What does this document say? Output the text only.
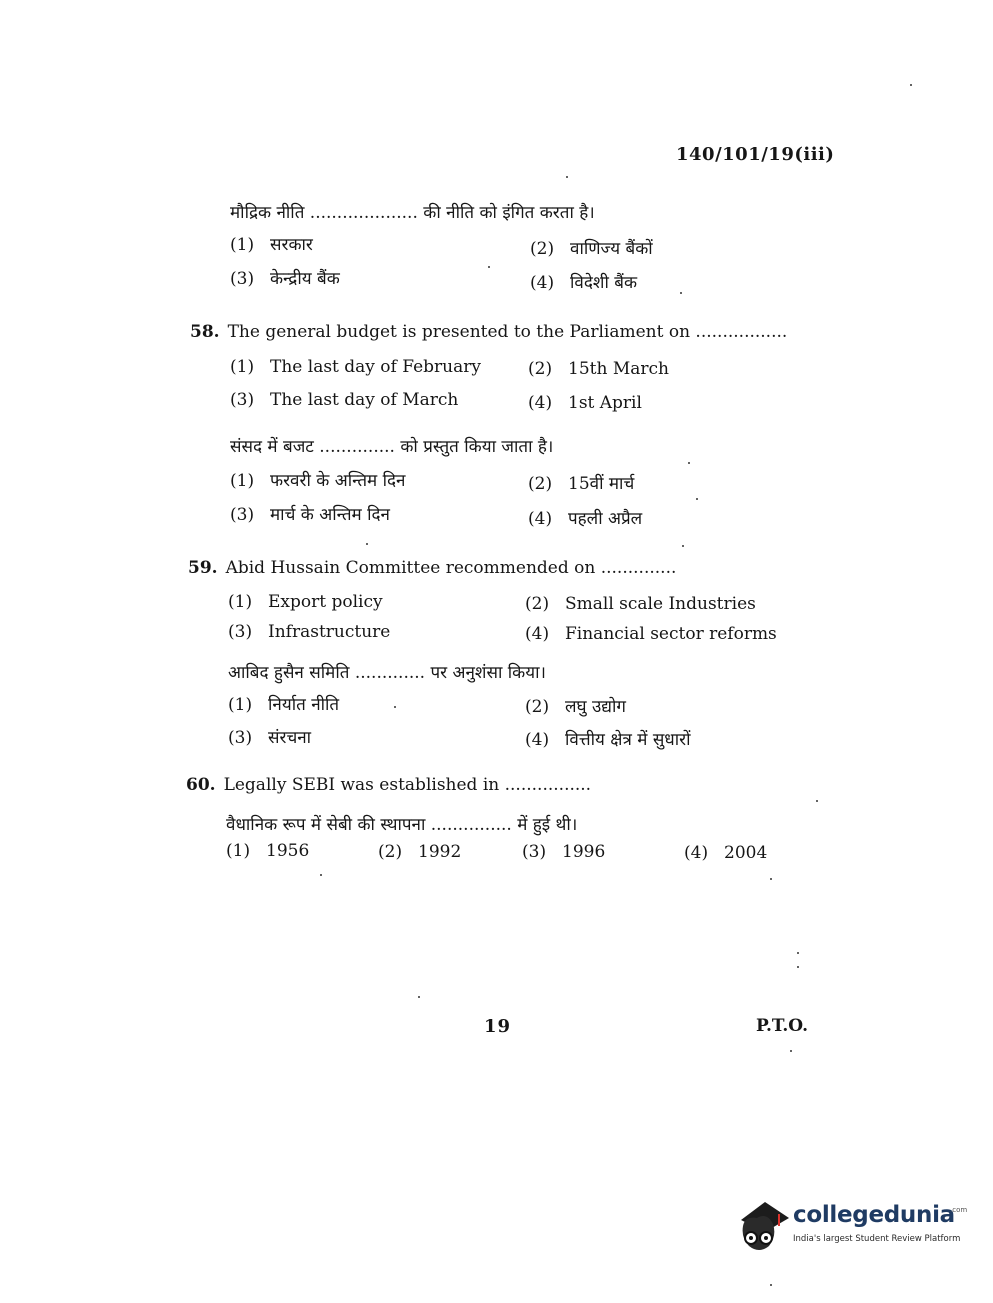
140/101/19(iii)
मौद्रिक नीति .................... की नीति को इंगित करता है।
(1) सरकार	(2) वाणिज्य बैंकों
(3) केन्द्रीय बैंक	(4) विदेशी बैंक
58. The general budget is presented to the Parliament on .................
(1) The last day of February	(2) 15th March
(3) The last day of March	(4) 1st April
संसद में बजट .............. को प्रस्तुत किया जाता है।
(1) फरवरी के अन्तिम दिन	(2) 15वीं मार्च
(3) मार्च के अन्तिम दिन	(4) पहली अप्रैल
59. Abid Hussain Committee recommended on ..............
(1) Export policy	(2) Small scale Industries
(3) Infrastructure	(4) Financial sector reforms
आबिद हुसैन समिति ............. पर अनुशंसा किया।
(1) निर्यात नीति	(2) लघु उद्योग
(3) संरचना	(4) वित्तीय क्षेत्र में सुधारों
60. Legally SEBI was established in ................
वैधानिक रूप में सेबी की स्थापना ............... में हुई थी।
(1) 1956	(2) 1992	(3) 1996	(4) 2004
19	P.T.O.
collegedunia
.com
India's largest Student Review Platform
